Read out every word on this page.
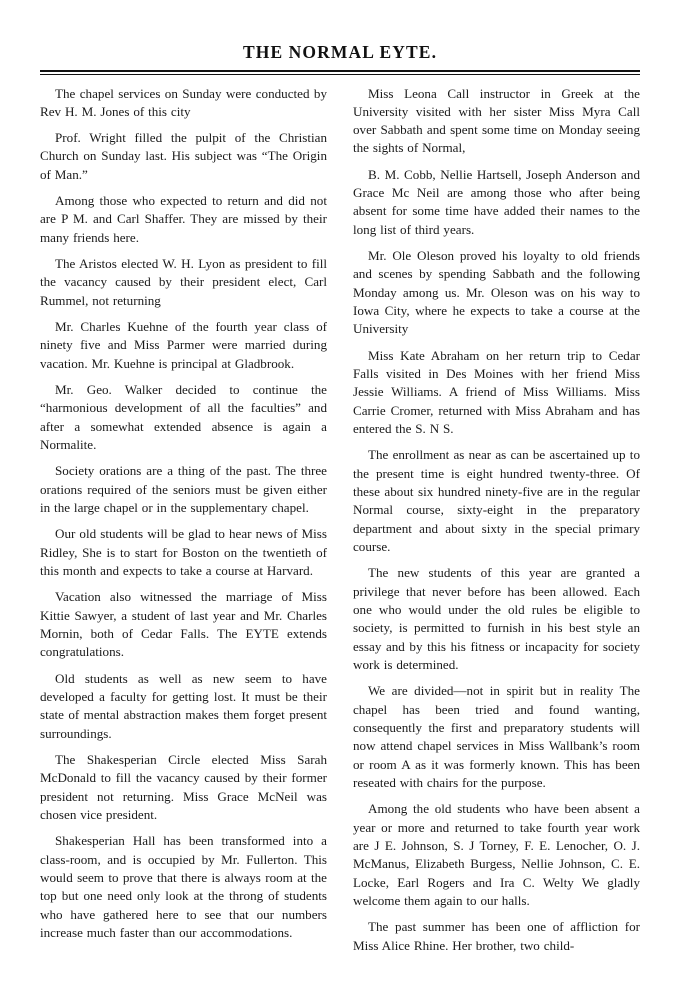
THE NORMAL EYTE.

The chapel services on Sunday were conducted by Rev H. M. Jones of this city

Prof. Wright filled the pulpit of the Christian Church on Sunday last. His subject was “The Origin of Man.”

Among those who expected to return and did not are P M. and Carl Shaffer. They are missed by their many friends here.

The Aristos elected W. H. Lyon as president to fill the vacancy caused by their president elect, Carl Rummel, not returning

Mr. Charles Kuehne of the fourth year class of ninety five and Miss Parmer were married during vacation. Mr. Kuehne is principal at Gladbrook.

Mr. Geo. Walker decided to continue the “harmonious development of all the faculties” and after a somewhat extended absence is again a Normalite.

Society orations are a thing of the past. The three orations required of the seniors must be given either in the large chapel or in the supplementary chapel.

Our old students will be glad to hear news of Miss Ridley, She is to start for Boston on the twentieth of this month and expects to take a course at Harvard.

Vacation also witnessed the marriage of Miss Kittie Sawyer, a student of last year and Mr. Charles Mornin, both of Cedar Falls. The EYTE extends congratulations.

Old students as well as new seem to have developed a faculty for getting lost. It must be their state of mental abstraction makes them forget present surroundings.

The Shakesperian Circle elected Miss Sarah McDonald to fill the vacancy caused by their former president not returning. Miss Grace McNeil was chosen vice president.

Shakesperian Hall has been transformed into a class-room, and is occupied by Mr. Fullerton. This would seem to prove that there is always room at the top but one need only look at the throng of students who have gathered here to see that our numbers increase much faster than our accommodations.

Miss Leona Call instructor in Greek at the University visited with her sister Miss Myra Call over Sabbath and spent some time on Monday seeing the sights of Normal,

B. M. Cobb, Nellie Hartsell, Joseph Anderson and Grace Mc Neil are among those who after being absent for some time have added their names to the long list of third years.

Mr. Ole Oleson proved his loyalty to old friends and scenes by spending Sabbath and the following Monday among us. Mr. Oleson was on his way to Iowa City, where he expects to take a course at the University

Miss Kate Abraham on her return trip to Cedar Falls visited in Des Moines with her friend Miss Jessie Williams. A friend of Miss Williams. Miss Carrie Cromer, returned with Miss Abraham and has entered the S. N S.

The enrollment as near as can be ascertained up to the present time is eight hundred twenty-three. Of these about six hundred ninety-five are in the regular Normal course, sixty-eight in the preparatory department and about sixty in the special primary course.

The new students of this year are granted a privilege that never before has been allowed. Each one who would under the old rules be eligible to society, is permitted to furnish in his best style an essay and by this his fitness or incapacity for society work is determined.

We are divided—not in spirit but in reality The chapel has been tried and found wanting, consequently the first and preparatory students will now attend chapel services in Miss Wallbank’s room or room A as it was formerly known. This has been reseated with chairs for the purpose.

Among the old students who have been absent a year or more and returned to take fourth year work are J E. Johnson, S. J Torney, F. E. Lenocher, O. J. McManus, Elizabeth Burgess, Nellie Johnson, C. E. Locke, Earl Rogers and Ira C. Welty We gladly welcome them again to our halls.

The past summer has been one of affliction for Miss Alice Rhine. Her brother, two child-
